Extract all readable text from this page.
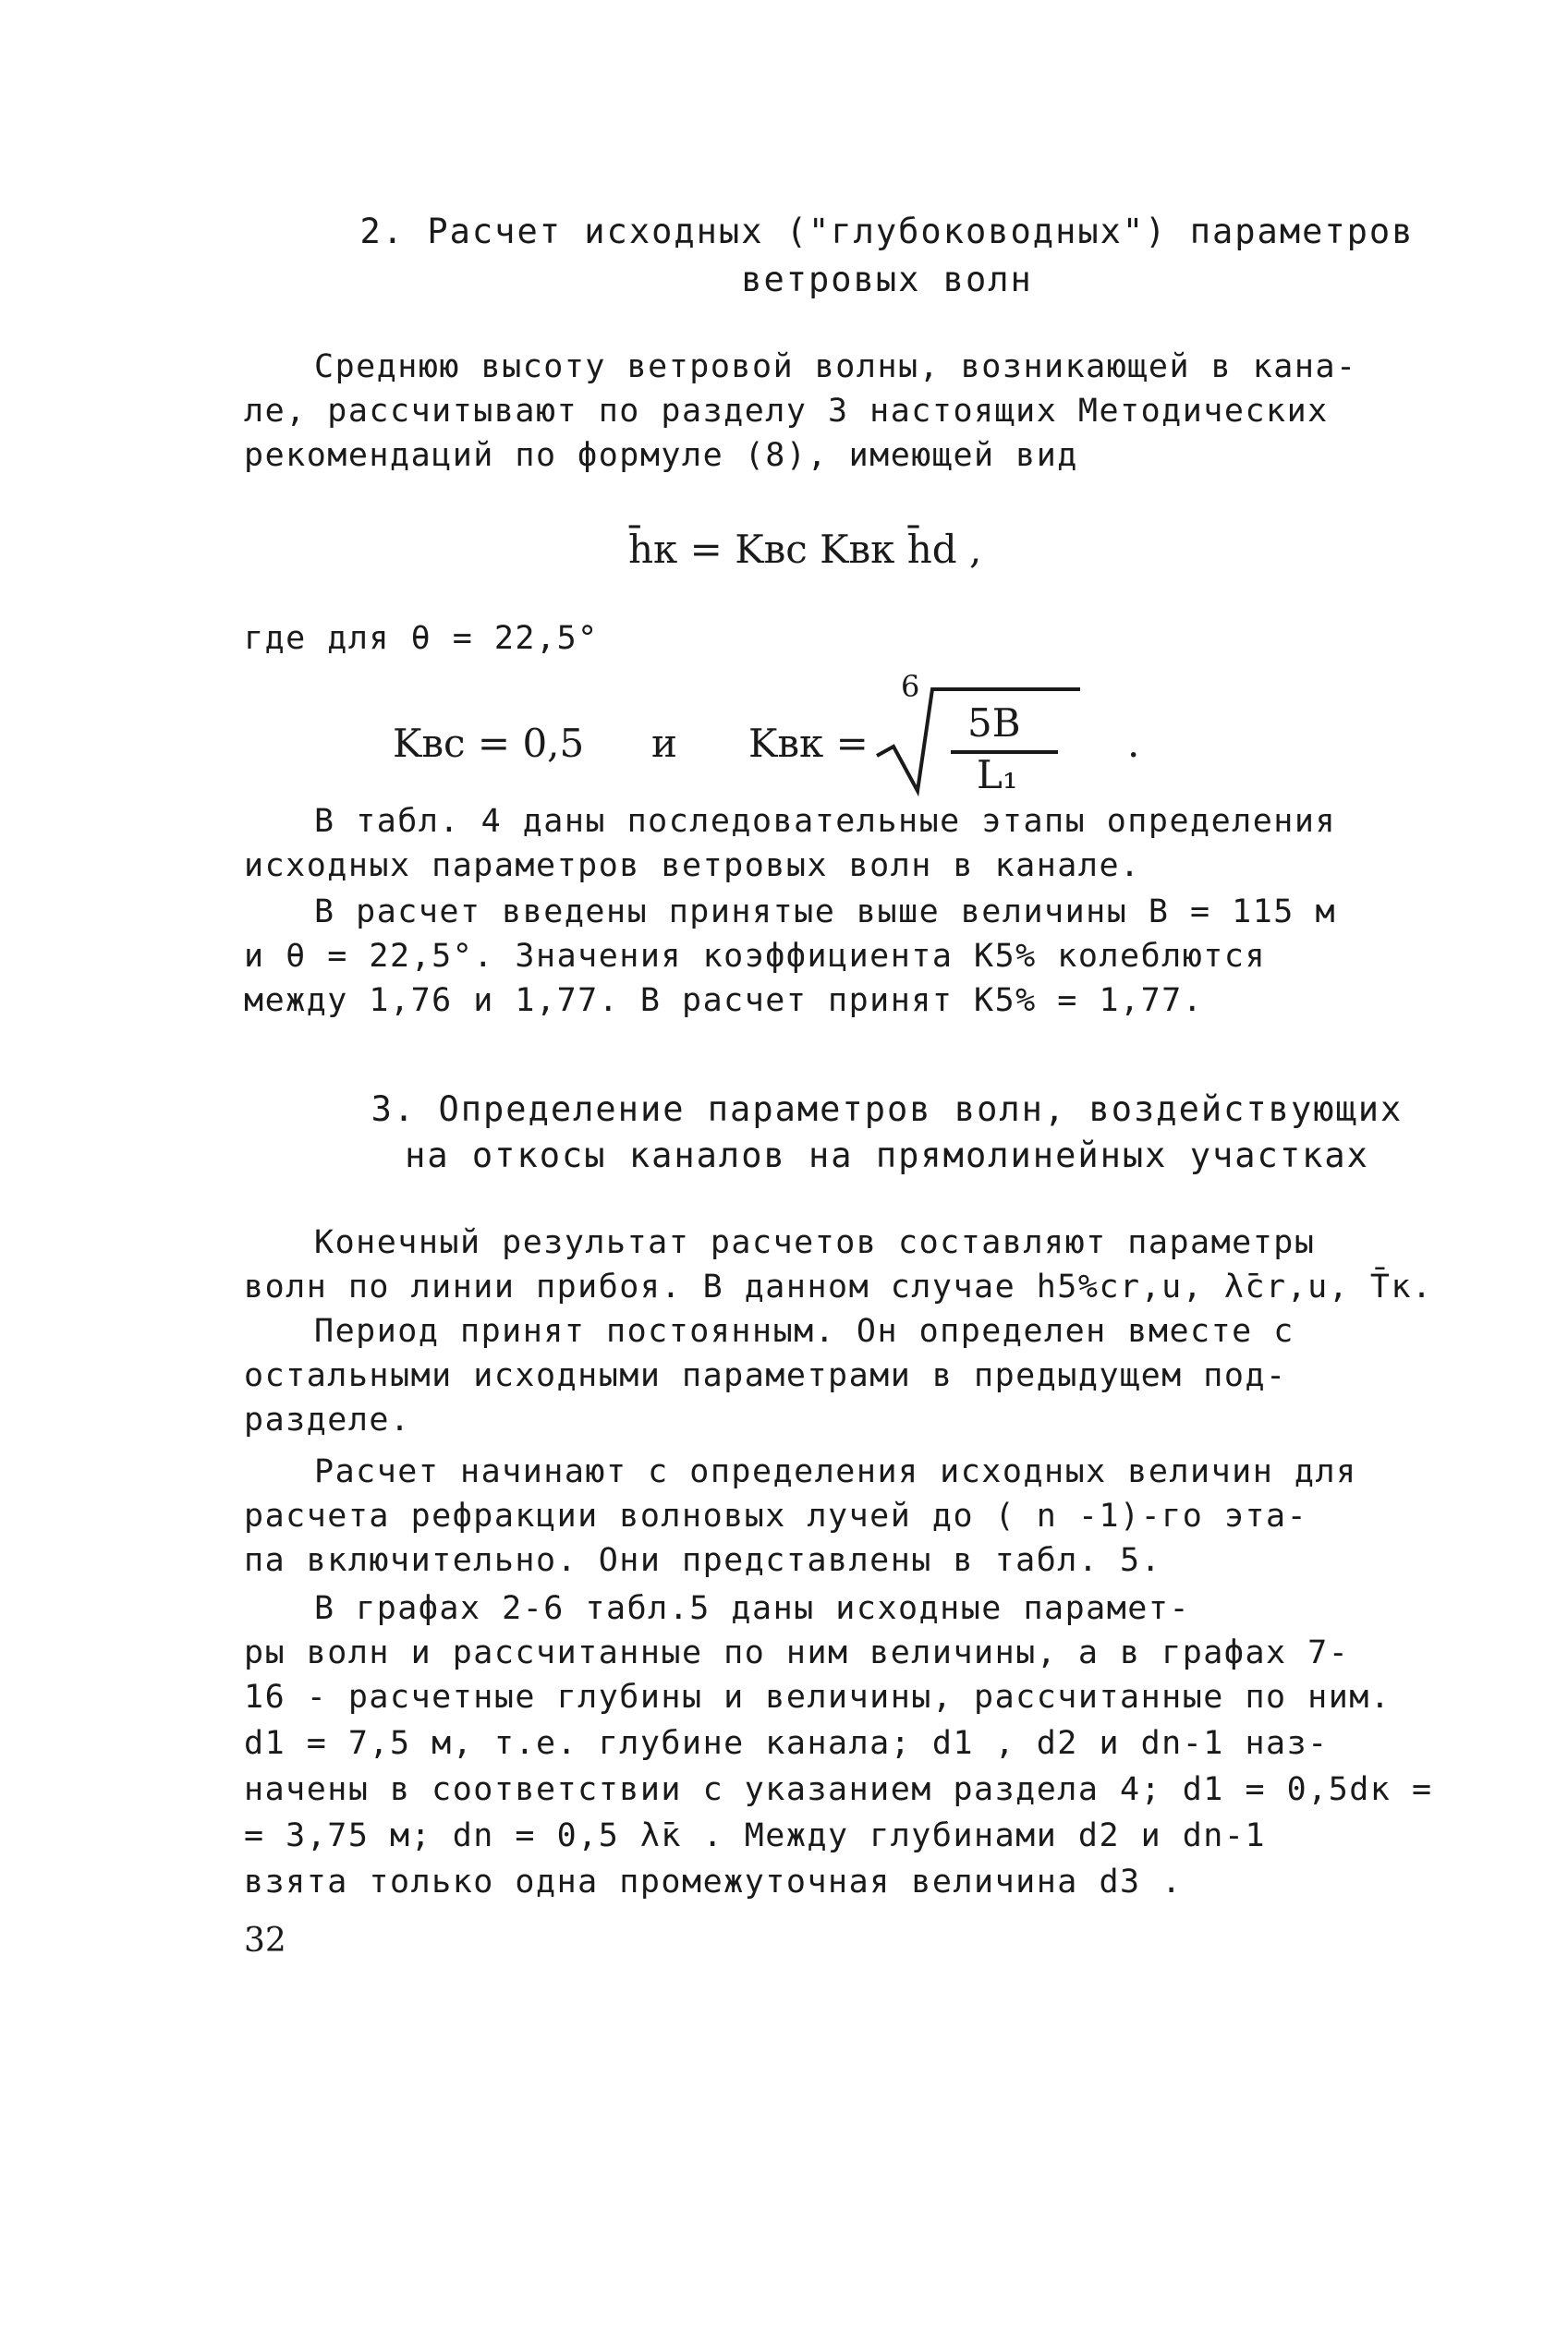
2. Расчет исходных ("глубоководных") параметров
ветровых волн
Среднюю высоту ветровой волны, возникающей в кана-
ле, рассчитывают по разделу 3 настоящих Методических
рекомендаций по формуле (8), имеющей вид
h̄к = Kвс Kвк h̄d ,
где для θ = 22,5°
Kвс = 0,5 и Kвк =
6
5B
L₁
.
В табл. 4 даны последовательные этапы определения
исходных параметров ветровых волн в канале.
В расчет введены принятые выше величины B = 115 м
и θ = 22,5°. Значения коэффициента K5% колеблются
между 1,76 и 1,77. В расчет принят K5% = 1,77.
3. Определение параметров волн, воздействующих
на откосы каналов на прямолинейных участках
Конечный результат расчетов составляют параметры
волн по линии прибоя. В данном случае h5%cr,u, λ̄cr,u, T̄к.
Период принят постоянным. Он определен вместе с
остальными исходными параметрами в предыдущем под-
разделе.
Расчет начинают с определения исходных величин для
расчета рефракции волновых лучей до ( n -1)-го эта-
па включительно. Они представлены в табл. 5.
В графах 2-6 табл.5 даны исходные парамет-
ры волн и рассчитанные по ним величины, а в графах 7-
16 - расчетные глубины и величины, рассчитанные по ним.
d1 = 7,5 м, т.е. глубине канала; d1 , d2 и dn-1 наз-
начены в соответствии с указанием раздела 4; d1 = 0,5dк =
= 3,75 м; dn = 0,5 λ̄к . Между глубинами d2 и dn-1
взята только одна промежуточная величина d3 .
32
